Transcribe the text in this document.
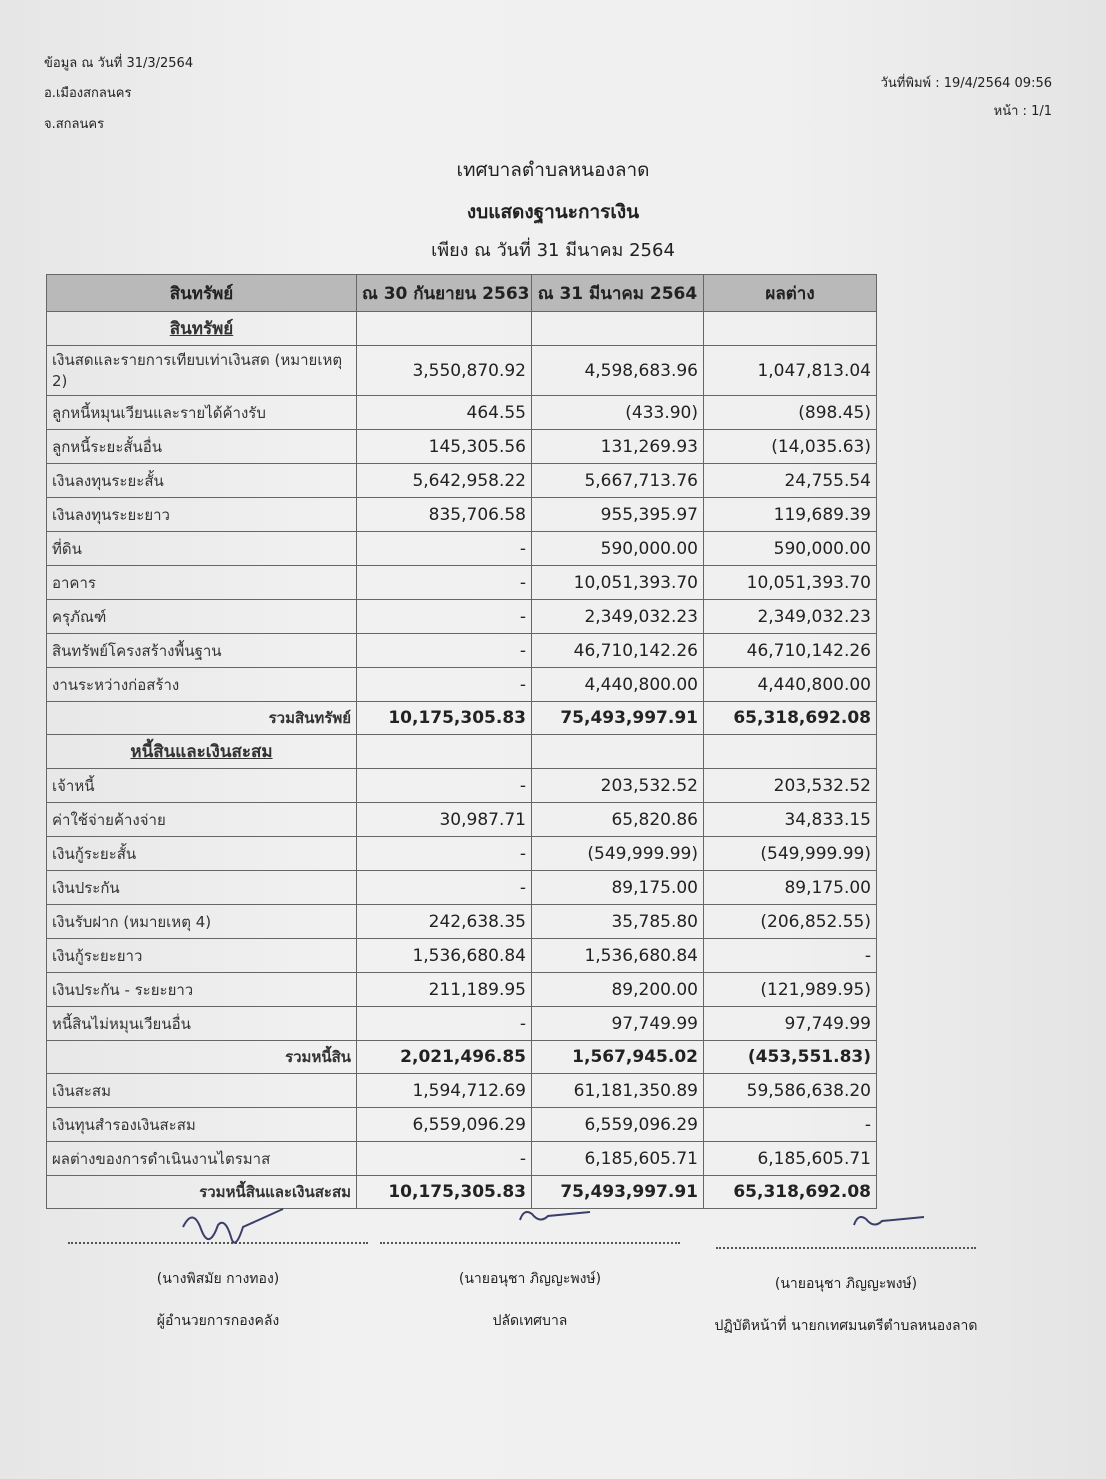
ข้อมูล ณ วันที่ 31/3/2564
อ.เมืองสกลนคร
จ.สกลนคร
วันที่พิมพ์ : 19/4/2564 09:56
หน้า : 1/1
เทศบาลตำบลหนองลาด
งบแสดงฐานะการเงิน
เพียง ณ วันที่ 31 มีนาคม 2564
สินทรัพย์	ณ 30 กันยายน 2563	ณ 31 มีนาคม 2564	ผลต่าง
สินทรัพย์			
เงินสดและรายการเทียบเท่าเงินสด (หมายเหตุ 2)	3,550,870.92	4,598,683.96	1,047,813.04
ลูกหนี้หมุนเวียนและรายได้ค้างรับ	464.55	(433.90)	(898.45)
ลูกหนี้ระยะสั้นอื่น	145,305.56	131,269.93	(14,035.63)
เงินลงทุนระยะสั้น	5,642,958.22	5,667,713.76	24,755.54
เงินลงทุนระยะยาว	835,706.58	955,395.97	119,689.39
ที่ดิน	-	590,000.00	590,000.00
อาคาร	-	10,051,393.70	10,051,393.70
ครุภัณฑ์	-	2,349,032.23	2,349,032.23
สินทรัพย์โครงสร้างพื้นฐาน	-	46,710,142.26	46,710,142.26
งานระหว่างก่อสร้าง	-	4,440,800.00	4,440,800.00
รวมสินทรัพย์	10,175,305.83	75,493,997.91	65,318,692.08
หนี้สินและเงินสะสม			
เจ้าหนี้	-	203,532.52	203,532.52
ค่าใช้จ่ายค้างจ่าย	30,987.71	65,820.86	34,833.15
เงินกู้ระยะสั้น	-	(549,999.99)	(549,999.99)
เงินประกัน	-	89,175.00	89,175.00
เงินรับฝาก (หมายเหตุ 4)	242,638.35	35,785.80	(206,852.55)
เงินกู้ระยะยาว	1,536,680.84	1,536,680.84	-
เงินประกัน - ระยะยาว	211,189.95	89,200.00	(121,989.95)
หนี้สินไม่หมุนเวียนอื่น	-	97,749.99	97,749.99
รวมหนี้สิน	2,021,496.85	1,567,945.02	(453,551.83)
เงินสะสม	1,594,712.69	61,181,350.89	59,586,638.20
เงินทุนสำรองเงินสะสม	6,559,096.29	6,559,096.29	-
ผลต่างของการดำเนินงานไตรมาส	-	6,185,605.71	6,185,605.71
รวมหนี้สินและเงินสะสม	10,175,305.83	75,493,997.91	65,318,692.08
(นางพิสมัย กางทอง)
ผู้อำนวยการกองคลัง
(นายอนุชา ภิญญะพงษ์)
ปลัดเทศบาล
(นายอนุชา ภิญญะพงษ์)
ปฏิบัติหน้าที่ นายกเทศมนตรีตำบลหนองลาด
